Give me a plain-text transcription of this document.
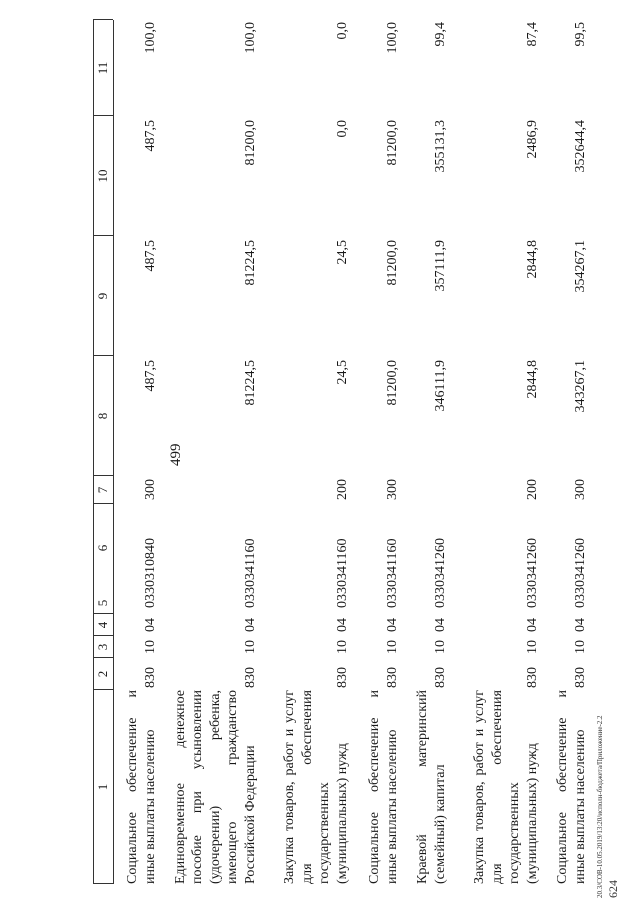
499
20.3/СОВ-10.05.2019/13:20/исполн-бюджета/Приложение-2.2 624
1
2
3
4
5
6
7
8
9
10
11
Социальное обеспечение и иные выплаты населению
830
10
04
0330310840
300
487,5
487,5
487,5
100,0
Единовременное денежное пособие при усыновлении (удочерении) ребенка, имеющего гражданство Российской Федерации
830
10
04
0330341160
81224,5
81224,5
81200,0
100,0
Закупка товаров, работ и услуг для обеспечения государственных (муниципальных) нужд
830
10
04
0330341160
200
24,5
24,5
0,0
0,0
Социальное обеспечение и иные выплаты населению
830
10
04
0330341160
300
81200,0
81200,0
81200,0
100,0
Краевой материнский (семейный) капитал
830
10
04
0330341260
346111,9
357111,9
355131,3
99,4
Закупка товаров, работ и услуг для обеспечения государственных (муниципальных) нужд
830
10
04
0330341260
200
2844,8
2844,8
2486,9
87,4
Социальное обеспечение и иные выплаты населению
830
10
04
0330341260
300
343267,1
354267,1
352644,4
99,5
